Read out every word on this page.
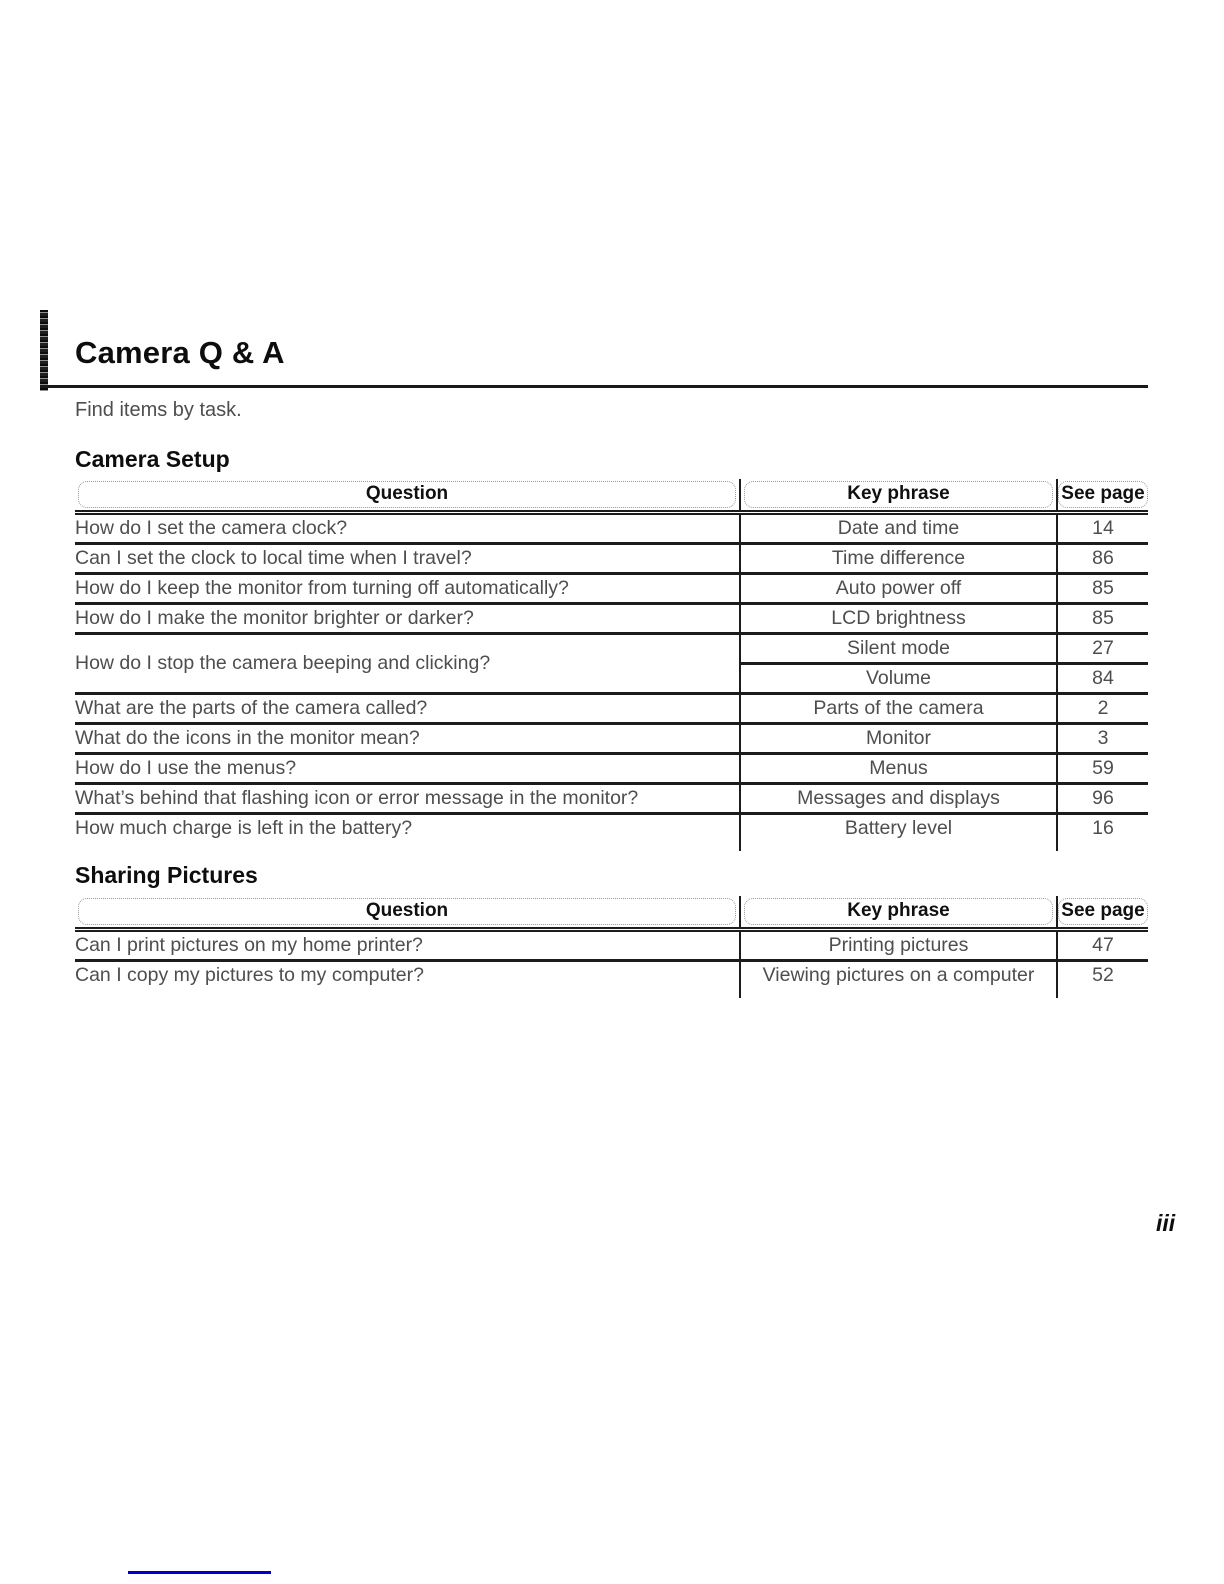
Camera Q & A

Find items by task.

Camera Setup
Question	Key phrase	See page

How do I set the camera clock?	Date and time	14
Can I set the clock to local time when I travel?	Time difference	86
How do I keep the monitor from turning off automatically?	Auto power off	85
How do I make the monitor brighter or darker?	LCD brightness	85
How do I stop the camera beeping and clicking?	Silent mode	27
	Volume	84
What are the parts of the camera called?	Parts of the camera	2
What do the icons in the monitor mean?	Monitor	3
How do I use the menus?	Menus	59
What’s behind that flashing icon or error message in the monitor?	Messages and displays	96
How much charge is left in the battery?	Battery level	16

Sharing Pictures
Question	Key phrase	See page

Can I print pictures on my home printer?	Printing pictures	47
Can I copy my pictures to my computer?	Viewing pictures on a computer	52

iii
